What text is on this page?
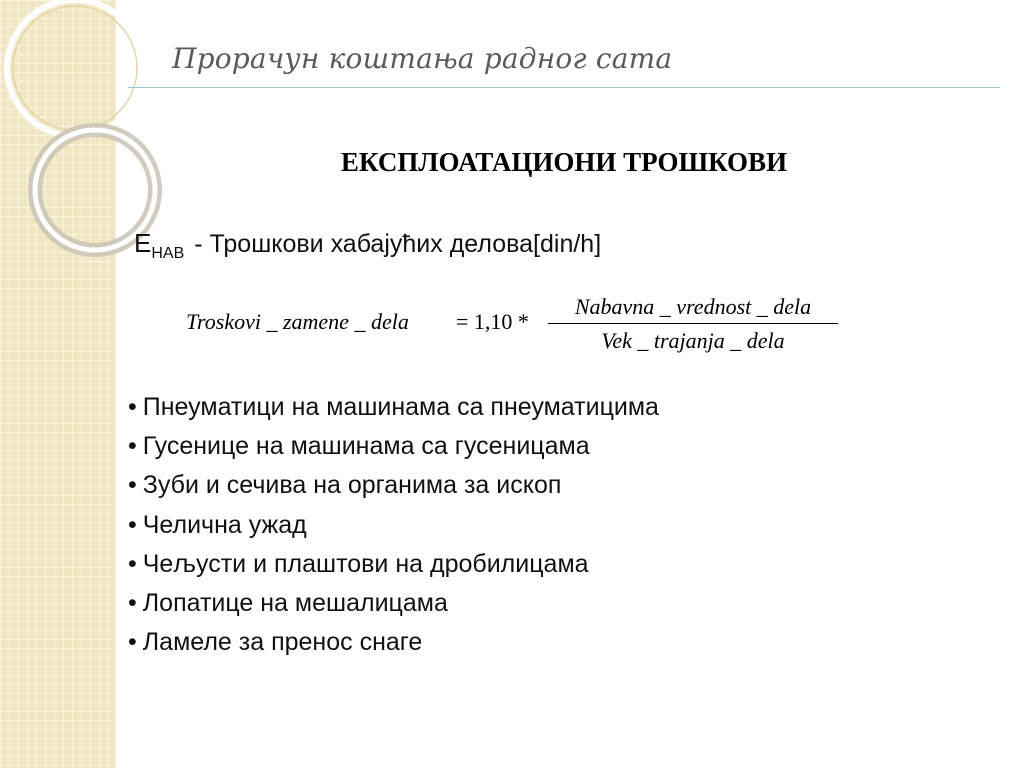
Прорачун коштања радног сата
ЕКСПЛОАТАЦИОНИ ТРОШКОВИ
$E_{HAB}$ - Трошкови хабајућих делова[din/h]
Troskovi _ zamene _ dela = 1,10 *
Nabavna _ vrednost _ dela
Vek _ trajanja _ dela
• Пнеуматици на машинама са пнеуматицима
• Гусенице на машинама са гусеницама
• Зуби и сечива на органима за ископ
• Челична ужад
• Чељусти и плаштови на дробилицама
• Лопатице на мешалицама
• Ламеле за пренос снаге
